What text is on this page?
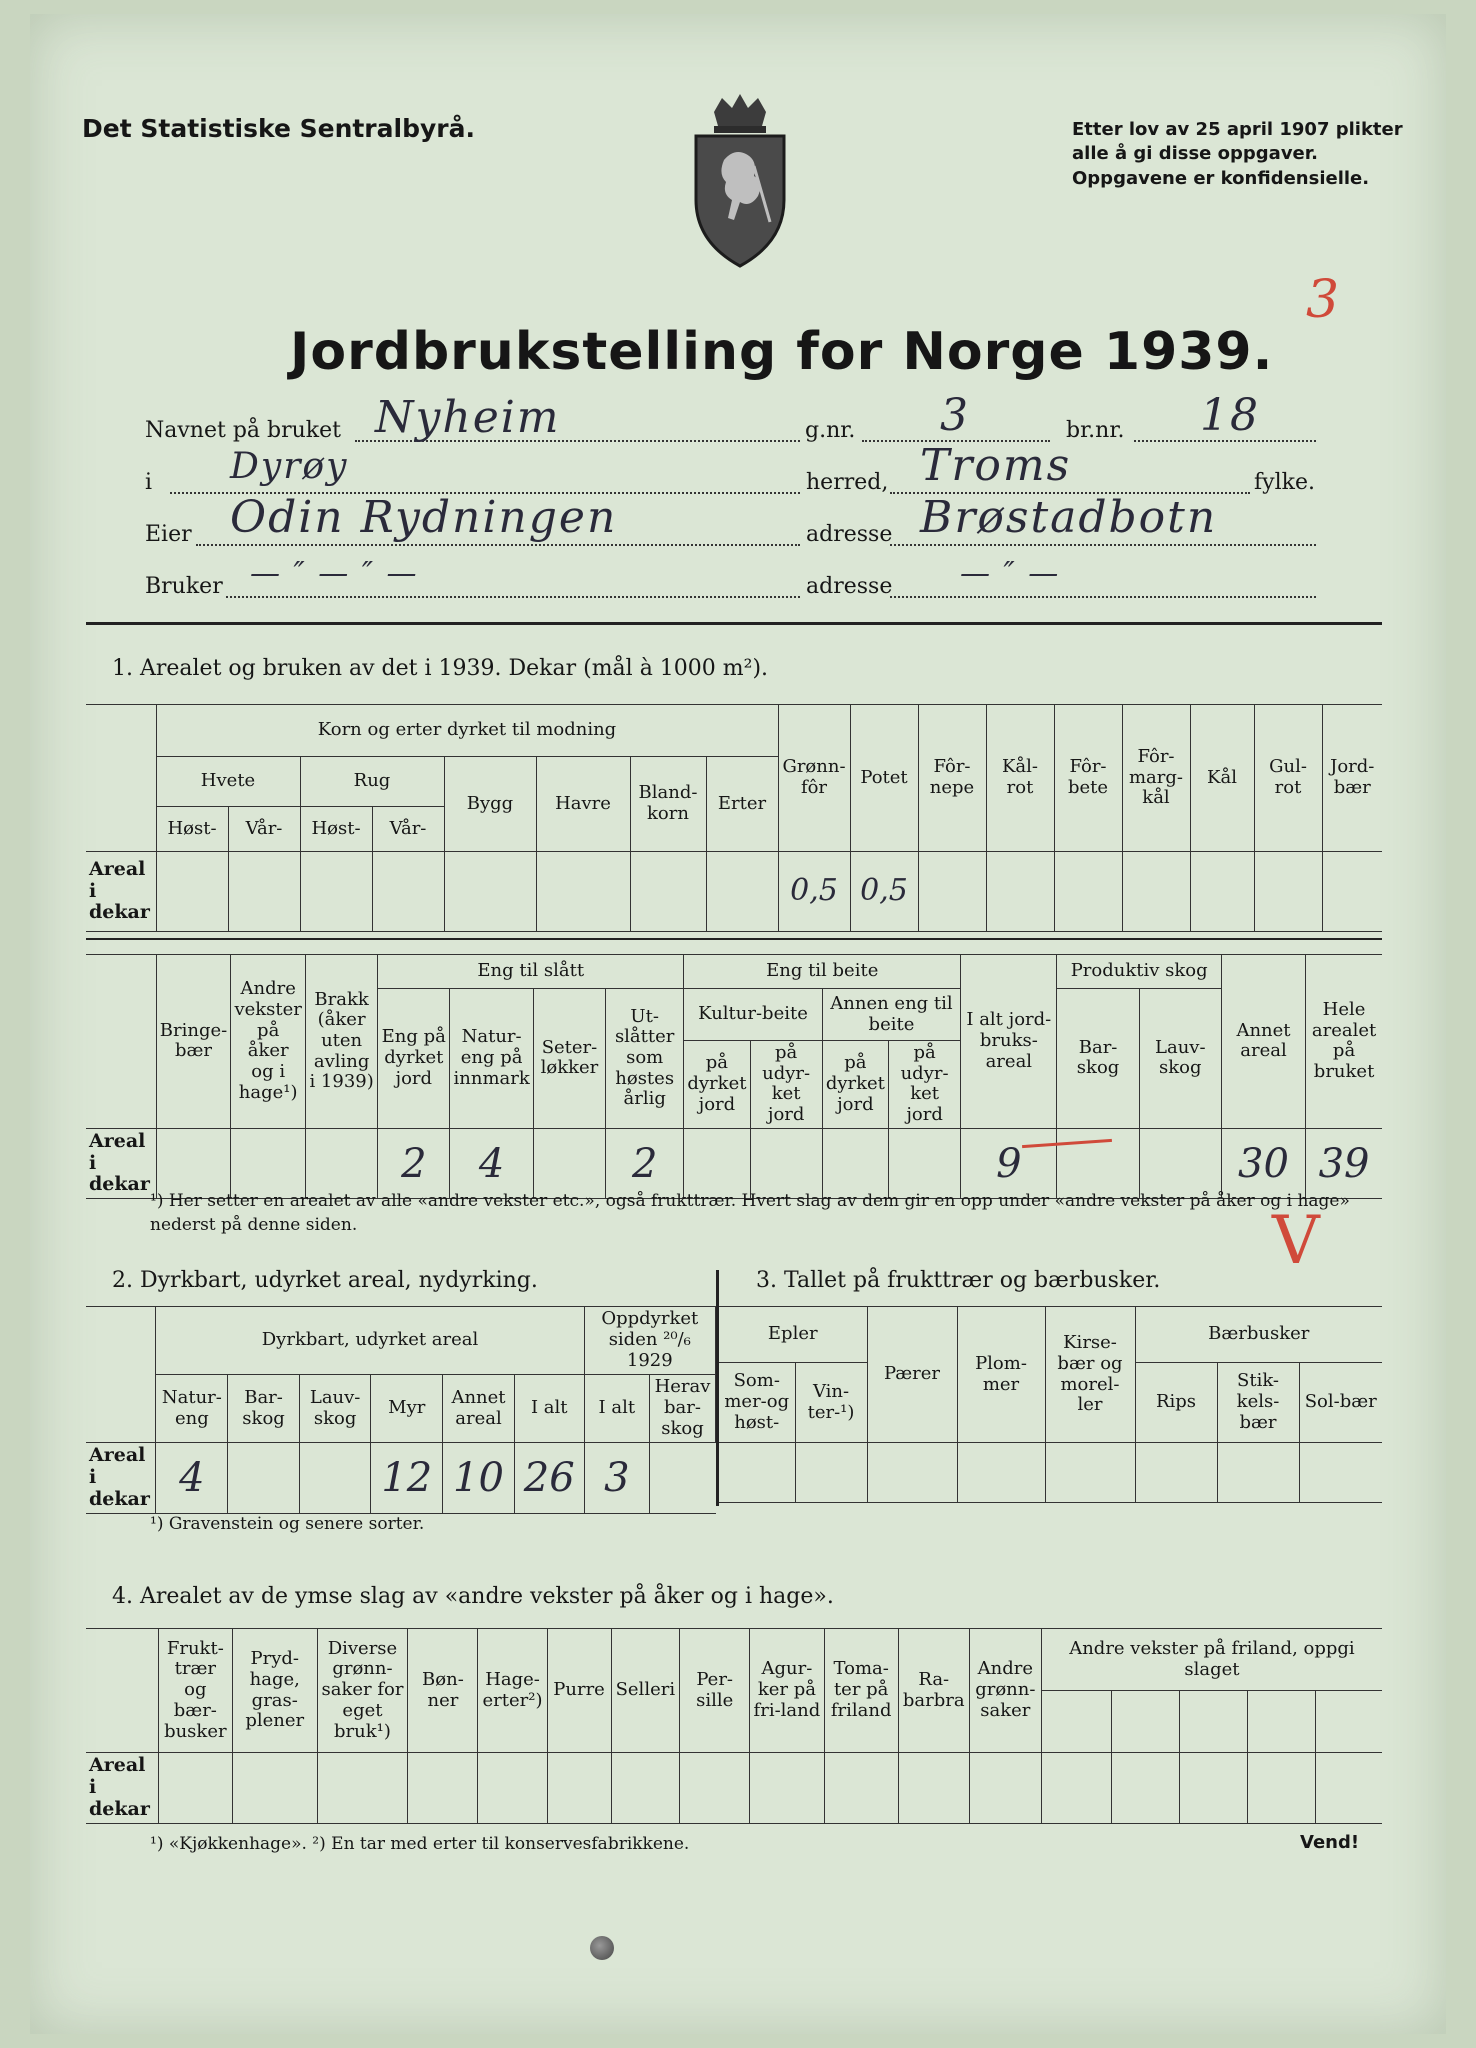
Det Statistiske Sentralbyrå.	Etter lov av 25 april 1907 plikter
alle å gi disse oppgaver.
Oppgavene er konfidensielle.
3
Jordbrukstelling for Norge 1939.
Navnet på bruket Nyheim	g.nr. 3	br.nr. 18
i Dyrøy	herred, Troms	fylke.
Eier Odin Rydningen	adresse Brøstadbotn
Bruker — ″ — ″ —	adresse — ″ —
1. Arealet og bruken av det i 1939. Dekar (mål à 1000 m²).
	Korn og erter dyrket til modning								Grønn-fôr	Potet	Fôr-nepe	Kål-rot	Fôr-bete	Fôr-marg-kål	Kål	Gul-rot	Jord-bær
	Hvete		Rug		Bygg	Havre	Bland-korn	Erter									
	Høst-	Vår-	Høst-	Vår-													
Areal i dekar									0,5	0,5							
	Bringe-bær	Andre vekster på åker og i hage¹)	Brakk (åker uten avling i 1939)	Eng til slått				Eng til beite				I alt jord-bruks-areal	Produktiv skog		Annet areal	Hele arealet på bruket
				Eng på dyrket jord	Natur-eng på innmark	Seter-løkker	Ut-slåtter som høstes årlig	Kultur-beite		Annen eng til beite			Bar-skog	Lauv-skog		
								på dyrket jord	på udyr-ket jord	på dyrket jord	på udyr-ket jord					
Areal i dekar				2	4		2					9			30	39
¹) Her setter en arealet av alle «andre vekster etc.», også frukttrær. Hvert slag av dem gir en opp under «andre vekster på åker og i hage» nederst på denne siden.	V
2. Dyrkbart, udyrket areal, nydyrking.	3. Tallet på frukttrær og bærbusker.
	Dyrkbart, udyrket areal						Oppdyrket siden ²⁰/₆ 1929	
	Natur-eng	Bar-skog	Lauv-skog	Myr	Annet areal	I alt	I alt	Herav bar-skog
Areal i dekar	4			12	10	26	3	
Epler		Pærer	Plom-mer	Kirse-bær og morel-ler	Bærbusker		
Som-mer-og høst-	Vin-ter-¹)				Rips	Stik-kels-bær	Sol-bær

¹) Gravenstein og senere sorter.
4. Arealet av de ymse slag av «andre vekster på åker og i hage».
	Frukt-trær og bær-busker	Pryd-hage, gras-plener	Diverse grønn-saker for eget bruk¹)	Bøn-ner	Hage-erter²)	Purre	Selleri	Per-sille	Agur-ker på fri-land	Toma-ter på friland	Ra-barbra	Andre grønn-saker	Andre vekster på friland, oppgi slaget				

Areal i dekar																	
¹) «Kjøkkenhage». ²) En tar med erter til konservesfabrikkene.	Vend!
